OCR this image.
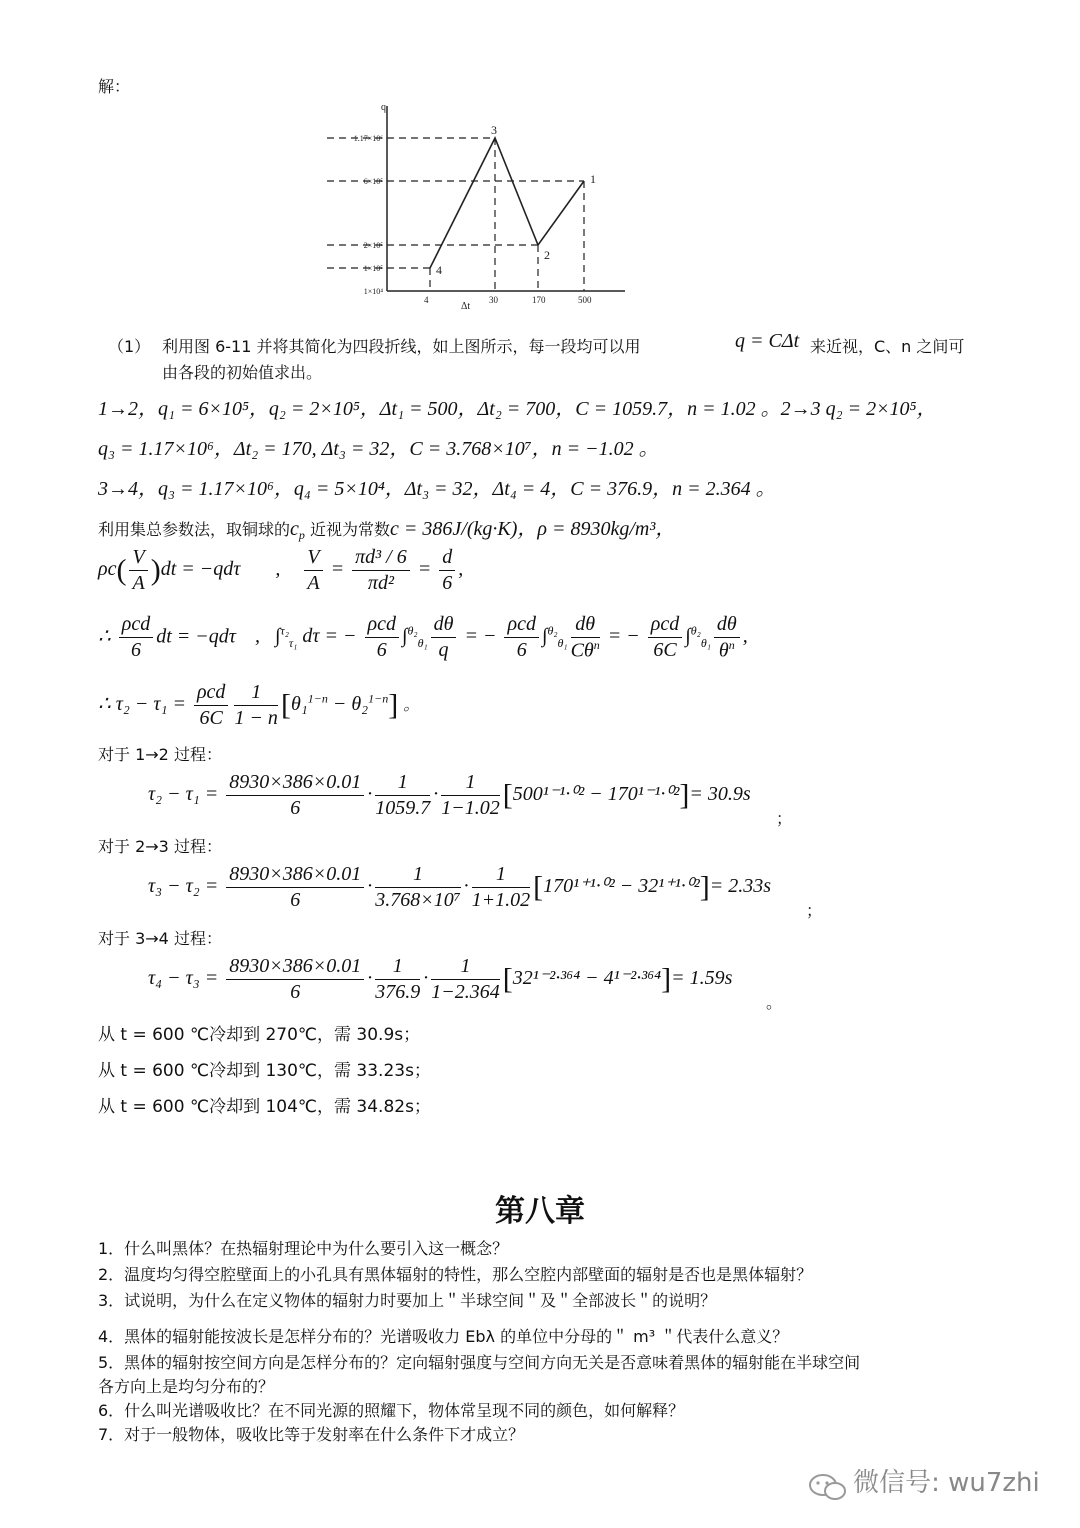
解：
q
Δt
4	30	170	500
1×10⁴
1×10⁵
2×10⁵
6×10⁵
1.17×10⁶
1
2
3
4
（1） 利用图 6-11 并将其简化为四段折线，如上图所示，每一段均可以用	q = CΔt 来近视，C、n 之间可
由各段的初始值求出。
1→2，q₁ = 6×10⁵，q₂ = 2×10⁵，Δt₁ = 500，Δt₂ = 700，C = 1059.7，n = 1.02 。2→3 q₂ = 2×10⁵，
q₃ = 1.17×10⁶，Δt₂ = 170, Δt₃ = 32，C = 3.768×10⁷，n = −1.02 。
3→4，q₃ = 1.17×10⁶，q₄ = 5×10⁴，Δt₃ = 32，Δt₄ = 4，C = 376.9，n = 2.364 。
利用集总参数法，取铜球的$c_p$ 近视为常数c = 386J/(kg·K)，ρ = 8930kg/m³，
$\rho c( \frac{V}{A} )dt = -qd\tau$ , $\frac{V}{A} = \frac{\text{πd³ / 6}}{\text{πd²}} = \frac{d}{6}$ ,
∴
ρcd
6
dt = −qdτ , ∫$^{\tau_2}_{\tau_1}$ dτ = −
ρcd
6
$\int^{\theta_2}_{\theta_1} \frac{d\theta}{q}$ = −
ρcd
6
∫$^{\theta_2}_{\theta_1}$
dθ
$C\theta^n$ = −
ρcd
6C
$\int^{\theta_2}_{\theta_1} \frac{d\theta}{\theta^n}$ ,
∴ τ₂ − τ₁ =
ρcd
$6C \frac{1}{1 - n} [\theta_1^{1-n} - \theta_2^{1-n}]$ 。
对于 1→2 过程：
$\tau_2 - \tau_1 = \frac{8930\times 386\times 0.01}{6} \cdot \frac{1}{1059.7} \cdot \frac{1}{1-1.02} [500^{1-1}\cdot^{02} - 170^{1-1}\cdot^{02}]= 30.9s$
；
对于 2→3 过程：
$\tau_3 - \tau_2 = \frac{8930\times 386\times 0.01}{6} \cdot \frac{1}{\text{3.768×10⁷}} \cdot \frac{1}{1+1.02} [170^{1+1}\cdot^{02} - 32^{1+1}\cdot^{02}]= 2.33s$
；
对于 3→4 过程：
$\tau_4 - \tau_3 = \frac{8930\times 386\times 0.01}{6} \cdot \frac{1}{376.9} \cdot \frac{1}{1-2.364} [32^{1-2}\cdot^{364} - 4^{1-2}\cdot^{364}]= 1.59s$
。
从 t = 600 ℃冷却到 270℃，需 30.9s；
从 t = 600 ℃冷却到 130℃，需 33.23s；
从 t = 600 ℃冷却到 104℃，需 34.82s；
第八章
1．什么叫黑体？在热辐射理论中为什么要引入这一概念？
2．温度均匀得空腔壁面上的小孔具有黑体辐射的特性，那么空腔内部壁面的辐射是否也是黑体辐射？
3．试说明，为什么在定义物体的辐射力时要加上＂半球空间＂及＂全部波长＂的说明？
4．黑体的辐射能按波长是怎样分布的？光谱吸收力 Ebλ 的单位中分母的＂ m³ ＂代表什么意义？
5．黑体的辐射按空间方向是怎样分布的？定向辐射强度与空间方向无关是否意味着黑体的辐射能在半球空间
各方向上是均匀分布的？
6．什么叫光谱吸收比？在不同光源的照耀下，物体常呈现不同的颜色，如何解释？
7．对于一般物体，吸收比等于发射率在什么条件下才成立？
微信号: wu7zhi
